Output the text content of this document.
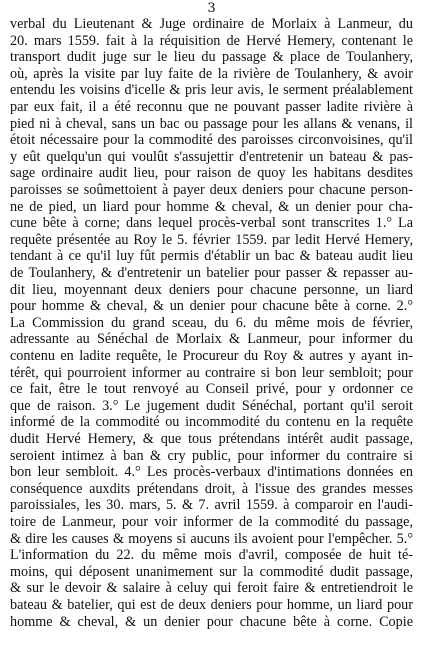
3
verbal du Lieutenant & Juge ordinaire de Morlaix à Lanmeur, du
20. mars 1559. fait à la réquisition de Hervé Hemery, contenant le
transport dudit juge sur le lieu du passage & place de Toulanhery,
où, après la visite par luy faite de la rivière de Toulanhery, & avoir
entendu les voisins d'icelle & pris leur avis, le serment préalablement
par eux fait, il a été reconnu que ne pouvant passer ladite rivière à
pied ni à cheval, sans un bac ou passage pour les allans & venans, il
étoit nécessaire pour la commodité des paroisses circonvoisines, qu'il
y eût quelqu'un qui voulût s'assujettir d'entretenir un bateau & pas-
sage ordinaire audit lieu, pour raison de quoy les habitans desdites
paroisses se soûmettoient à payer deux deniers pour chacune person-
ne de pied, un liard pour homme & cheval, & un denier pour cha-
cune bête à corne; dans lequel procès-verbal sont transcrites 1.° La
requête présentée au Roy le 5. février 1559. par ledit Hervé Hemery,
tendant à ce qu'il luy fût permis d'établir un bac & bateau audit lieu
de Toulanhery, & d'entretenir un batelier pour passer & repasser au-
dit lieu, moyennant deux deniers pour chacune personne, un liard
pour homme & cheval, & un denier pour chacune bête à corne. 2.°
La Commission du grand sceau, du 6. du même mois de février,
adressante au Sénéchal de Morlaix & Lanmeur, pour informer du
contenu en ladite requête, le Procureur du Roy & autres y ayant in-
térêt, qui pourroient informer au contraire si bon leur sembloit; pour
ce fait, être le tout renvoyé au Conseil privé, pour y ordonner ce
que de raison. 3.° Le jugement dudit Sénéchal, portant qu'il seroit
informé de la commodité ou incommodité du contenu en la requête
dudit Hervé Hemery, & que tous prétendans intérêt audit passage,
seroient intimez à ban & cry public, pour informer du contraire si
bon leur sembloit. 4.° Les procès-verbaux d'intimations données en
conséquence auxdits prétendans droit, à l'issue des grandes messes
paroissiales, les 30. mars, 5. & 7. avril 1559. à comparoir en l'audi-
toire de Lanmeur, pour voir informer de la commodité du passage,
& dire les causes & moyens si aucuns ils avoient pour l'empêcher. 5.°
L'information du 22. du même mois d'avril, composée de huit té-
moins, qui déposent unanimement sur la commodité dudit passage,
& sur le devoir & salaire à celuy qui feroit faire & entretiendroit le
bateau & batelier, qui est de deux deniers pour homme, un liard pour
homme & cheval, & un denier pour chacune bête à corne. Copie
